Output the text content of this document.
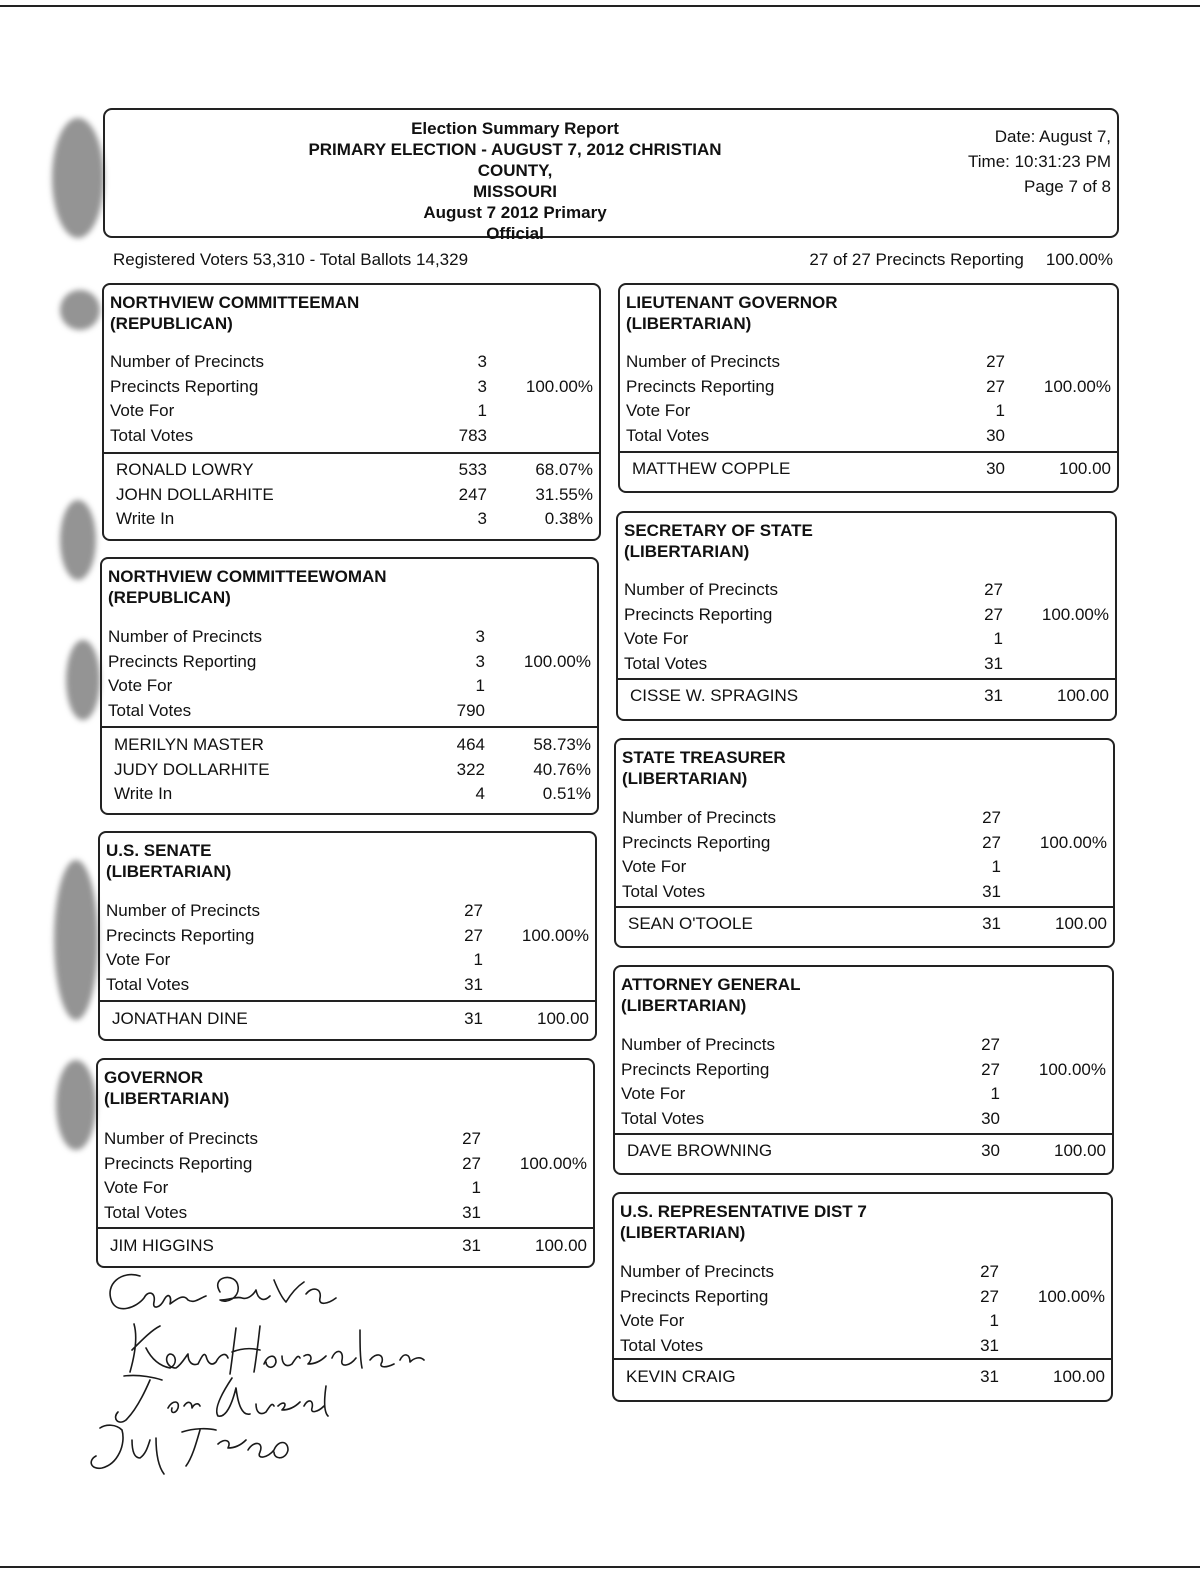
Election Summary Report
PRIMARY ELECTION - AUGUST 7, 2012 CHRISTIAN COUNTY,
MISSOURI
August 7 2012 Primary
Official
Date: August 7,
Time: 10:31:23 PM
Page 7 of 8
Registered Voters 53,310 - Total Ballots 14,329	27 of 27 Precincts Reporting 100.00%
NORTHVIEW COMMITTEEMAN
(REPUBLICAN)
Number of Precincts	3
Precincts Reporting	3 100.00%
Vote For	1
Total Votes	783
RONALD LOWRY	533	68.07%
JOHN DOLLARHITE	247	31.55%
Write In	3	0.38%
NORTHVIEW COMMITTEEWOMAN
(REPUBLICAN)
Number of Precincts	3
Precincts Reporting	3 100.00%
Vote For	1
Total Votes	790
MERILYN MASTER	464	58.73%
JUDY DOLLARHITE	322	40.76%
Write In	4	0.51%
U.S. SENATE
(LIBERTARIAN)
Number of Precincts	27
Precincts Reporting	27 100.00%
Vote For	1
Total Votes	31
JONATHAN DINE	31	100.00
GOVERNOR
(LIBERTARIAN)
Number of Precincts	27
Precincts Reporting	27 100.00%
Vote For	1
Total Votes	31
JIM HIGGINS	31	100.00
LIEUTENANT GOVERNOR
(LIBERTARIAN)
Number of Precincts	27
Precincts Reporting	27 100.00%
Vote For	1
Total Votes	30
MATTHEW COPPLE	30	100.00
SECRETARY OF STATE
(LIBERTARIAN)
Number of Precincts	27
Precincts Reporting	27 100.00%
Vote For	1
Total Votes	31
CISSE W. SPRAGINS	31	100.00
STATE TREASURER
(LIBERTARIAN)
Number of Precincts	27
Precincts Reporting	27 100.00%
Vote For	1
Total Votes	31
SEAN O'TOOLE	31	100.00
ATTORNEY GENERAL
(LIBERTARIAN)
Number of Precincts	27
Precincts Reporting	27 100.00%
Vote For	1
Total Votes	30
DAVE BROWNING	30	100.00
U.S. REPRESENTATIVE DIST 7
(LIBERTARIAN)
Number of Precincts	27
Precincts Reporting	27 100.00%
Vote For	1
Total Votes	31
KEVIN CRAIG	31	100.00
